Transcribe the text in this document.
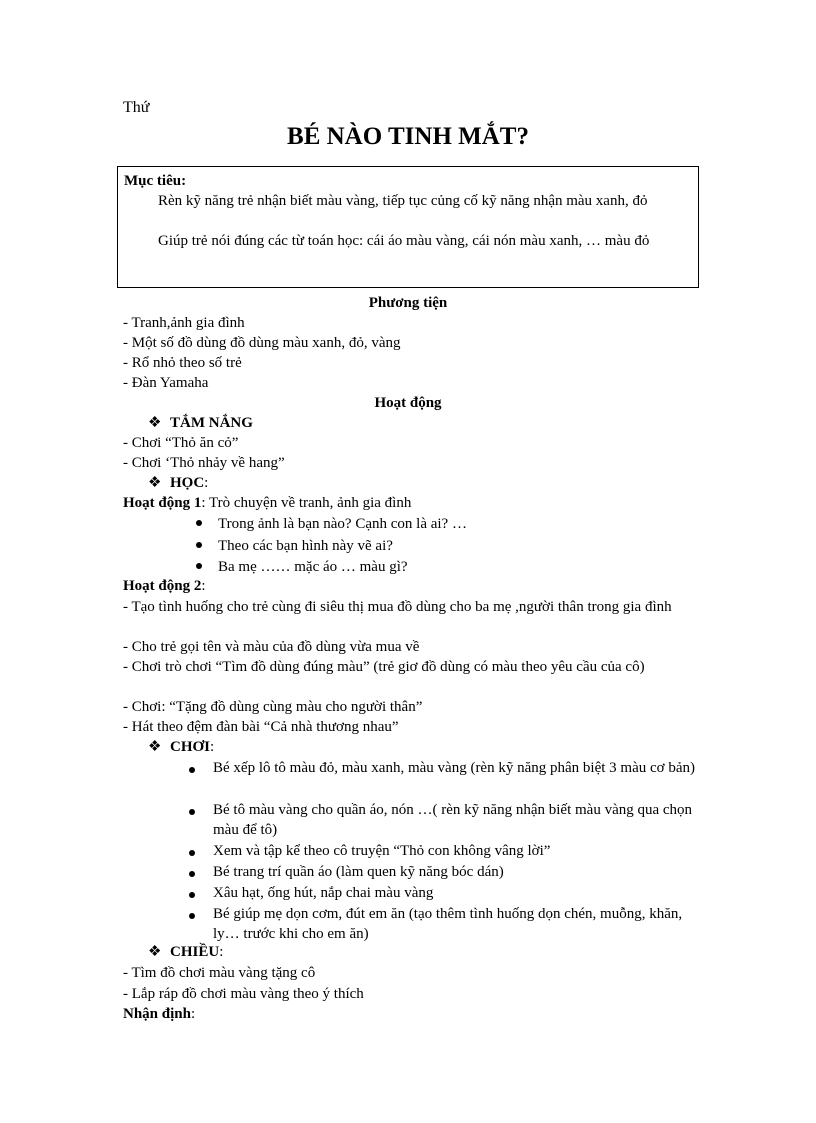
Thứ
BÉ NÀO TINH MẮT?
Mục tiêu:
Rèn kỹ năng trẻ nhận biết màu vàng, tiếp tục củng cố kỹ năng nhận màu xanh, đỏ
Giúp trẻ nói đúng các từ toán học: cái áo màu vàng, cái nón màu xanh, … màu đỏ
Phương tiện
- Tranh,ảnh gia đình
- Một số đồ dùng đồ dùng màu xanh, đỏ, vàng
- Rổ nhỏ theo số trẻ
- Đàn Yamaha
Hoạt động
❖ TẮM NẮNG
- Chơi “Thỏ ăn cỏ”
- Chơi ‘Thỏ nhảy về hang”
❖ HỌC:
Hoạt động 1: Trò chuyện về tranh, ảnh gia đình
Trong ảnh là bạn nào? Cạnh con là ai? …
Theo các bạn hình này vẽ ai?
Ba mẹ …… mặc áo … màu gì?
Hoạt động 2:
- Tạo tình huống cho trẻ cùng đi siêu thị mua đồ dùng cho ba mẹ ,người thân trong gia đình
- Cho trẻ gọi tên và màu của đồ dùng vừa mua về
- Chơi trò chơi “Tìm đồ dùng đúng màu” (trẻ giơ đồ dùng có màu theo yêu cầu của cô)
- Chơi: “Tặng đồ dùng cùng màu cho người thân”
- Hát theo đệm đàn bài “Cả nhà thương nhau”
❖ CHƠI:
Bé xếp lô tô màu đỏ, màu xanh, màu vàng (rèn kỹ năng phân biệt 3 màu cơ bản)
Bé tô màu vàng cho quần áo, nón …( rèn kỹ năng nhận biết màu vàng qua chọn màu để tô)
Xem và tập kể theo cô truyện “Thỏ con không vâng lời”
Bé trang trí quần áo (làm quen kỹ năng bóc dán)
Xâu hạt, ống hút, nắp chai màu vàng
Bé giúp mẹ dọn cơm, đút em ăn (tạo thêm tình huống dọn chén, muỗng, khăn, ly… trước khi cho em ăn)
❖ CHIỀU:
- Tìm đồ chơi màu vàng tặng cô
- Lắp ráp đồ chơi màu vàng theo ý thích
Nhận định:
